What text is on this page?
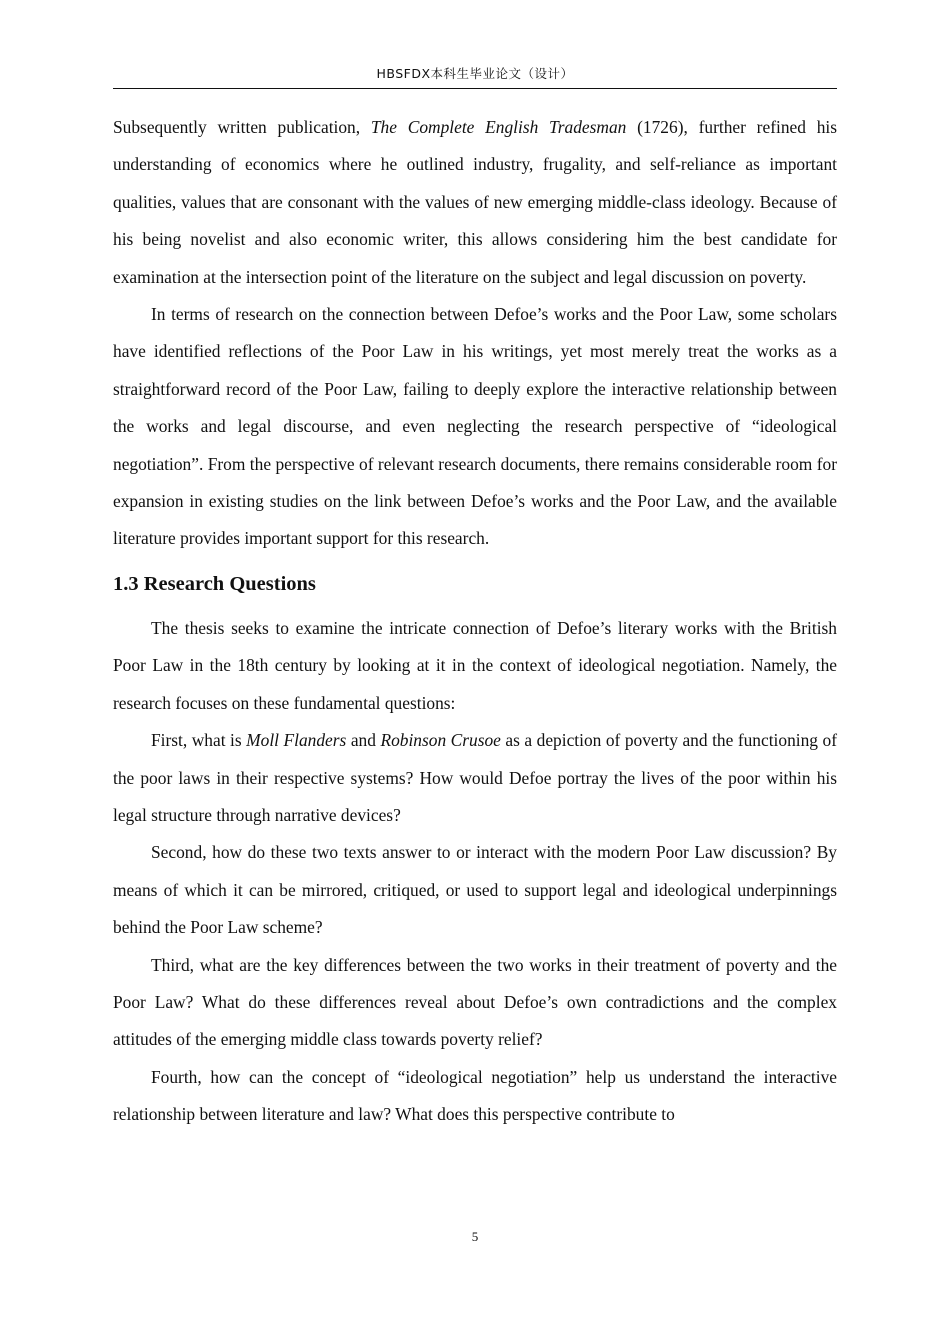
HBSFDX本科生毕业论文（设计）

Subsequently written publication, The Complete English Tradesman (1726), further refined his understanding of economics where he outlined industry, frugality, and self-reliance as important qualities, values that are consonant with the values of new emerging middle-class ideology. Because of his being novelist and also economic writer, this allows considering him the best candidate for examination at the intersection point of the literature on the subject and legal discussion on poverty.

In terms of research on the connection between Defoe’s works and the Poor Law, some scholars have identified reflections of the Poor Law in his writings, yet most merely treat the works as a straightforward record of the Poor Law, failing to deeply explore the interactive relationship between the works and legal discourse, and even neglecting the research perspective of “ideological negotiation”. From the perspective of relevant research documents, there remains considerable room for expansion in existing studies on the link between Defoe’s works and the Poor Law, and the available literature provides important support for this research.

1.3 Research Questions

The thesis seeks to examine the intricate connection of Defoe’s literary works with the British Poor Law in the 18th century by looking at it in the context of ideological negotiation. Namely, the research focuses on these fundamental questions:

First, what is Moll Flanders and Robinson Crusoe as a depiction of poverty and the functioning of the poor laws in their respective systems? How would Defoe portray the lives of the poor within his legal structure through narrative devices?

Second, how do these two texts answer to or interact with the modern Poor Law discussion? By means of which it can be mirrored, critiqued, or used to support legal and ideological underpinnings behind the Poor Law scheme?

Third, what are the key differences between the two works in their treatment of poverty and the Poor Law? What do these differences reveal about Defoe’s own contradictions and the complex attitudes of the emerging middle class towards poverty relief?

Fourth, how can the concept of “ideological negotiation” help us understand the interactive relationship between literature and law? What does this perspective contribute to

5
